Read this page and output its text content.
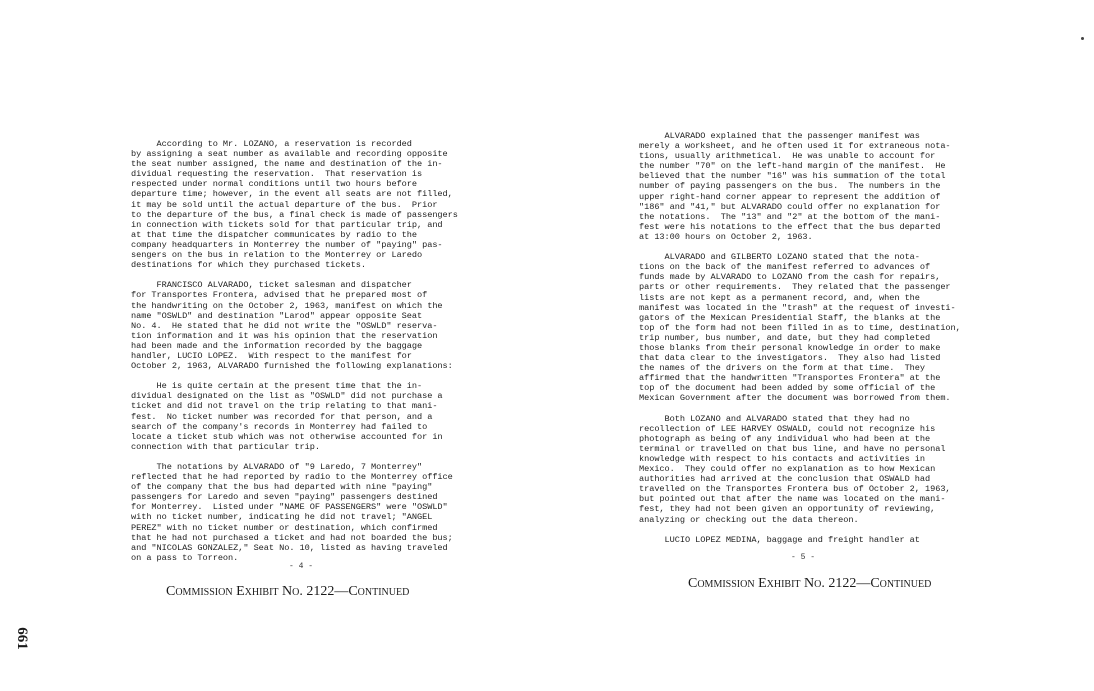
According to Mr. LOZANO, a reservation is recorded
by assigning a seat number as available and recording opposite
the seat number assigned, the name and destination of the in-
dividual requesting the reservation.  That reservation is
respected under normal conditions until two hours before
departure time; however, in the event all seats are not filled,
it may be sold until the actual departure of the bus.  Prior
to the departure of the bus, a final check is made of passengers
in connection with tickets sold for that particular trip, and
at that time the dispatcher communicates by radio to the
company headquarters in Monterrey the number of "paying" pas-
sengers on the bus in relation to the Monterrey or Laredo
destinations for which they purchased tickets.

FRANCISCO ALVARADO, ticket salesman and dispatcher
for Transportes Frontera, advised that he prepared most of
the handwriting on the October 2, 1963, manifest on which the
name "OSWLD" and destination "Larod" appear opposite Seat
No. 4.  He stated that he did not write the "OSWLD" reserva-
tion information and it was his opinion that the reservation
had been made and the information recorded by the baggage
handler, LUCIO LOPEZ.  With respect to the manifest for
October 2, 1963, ALVARADO furnished the following explanations:

He is quite certain at the present time that the in-
dividual designated on the list as "OSWLD" did not purchase a
ticket and did not travel on the trip relating to that mani-
fest.  No ticket number was recorded for that person, and a
search of the company's records in Monterrey had failed to
locate a ticket stub which was not otherwise accounted for in
connection with that particular trip.

The notations by ALVARADO of "9 Laredo, 7 Monterrey"
reflected that he had reported by radio to the Monterrey office
of the company that the bus had departed with nine "paying"
passengers for Laredo and seven "paying" passengers destined
for Monterrey.  Listed under "NAME OF PASSENGERS" were "OSWLD"
with no ticket number, indicating he did not travel; "ANGEL
PEREZ" with no ticket number or destination, which confirmed
that he had not purchased a ticket and had not boarded the bus;
and "NICOLAS GONZALEZ," Seat No. 10, listed as having traveled
on a pass to Torreon.

- 4 -

Commission Exhibit No. 2122—Continued

ALVARADO explained that the passenger manifest was
merely a worksheet, and he often used it for extraneous nota-
tions, usually arithmetical.  He was unable to account for
the number "70" on the left-hand margin of the manifest.  He
believed that the number "16" was his summation of the total
number of paying passengers on the bus.  The numbers in the
upper right-hand corner appear to represent the addition of
"186" and "41," but ALVARADO could offer no explanation for
the notations.  The "13" and "2" at the bottom of the mani-
fest were his notations to the effect that the bus departed
at 13:00 hours on October 2, 1963.

ALVARADO and GILBERTO LOZANO stated that the nota-
tions on the back of the manifest referred to advances of
funds made by ALVARADO to LOZANO from the cash for repairs,
parts or other requirements.  They related that the passenger
lists are not kept as a permanent record, and, when the
manifest was located in the "trash" at the request of investi-
gators of the Mexican Presidential Staff, the blanks at the
top of the form had not been filled in as to time, destination,
trip number, bus number, and date, but they had completed
those blanks from their personal knowledge in order to make
that data clear to the investigators.  They also had listed
the names of the drivers on the form at that time.  They
affirmed that the handwritten "Transportes Frontera" at the
top of the document had been added by some official of the
Mexican Government after the document was borrowed from them.

Both LOZANO and ALVARADO stated that they had no
recollection of LEE HARVEY OSWALD, could not recognize his
photograph as being of any individual who had been at the
terminal or travelled on that bus line, and have no personal
knowledge with respect to his contacts and activities in
Mexico.  They could offer no explanation as to how Mexican
authorities had arrived at the conclusion that OSWALD had
travelled on the Transportes Frontera bus of October 2, 1963,
but pointed out that after the name was located on the mani-
fest, they had not been given an opportunity of reviewing,
analyzing or checking out the data thereon.

LUCIO LOPEZ MEDINA, baggage and freight handler at

- 5 -

Commission Exhibit No. 2122—Continued

661
